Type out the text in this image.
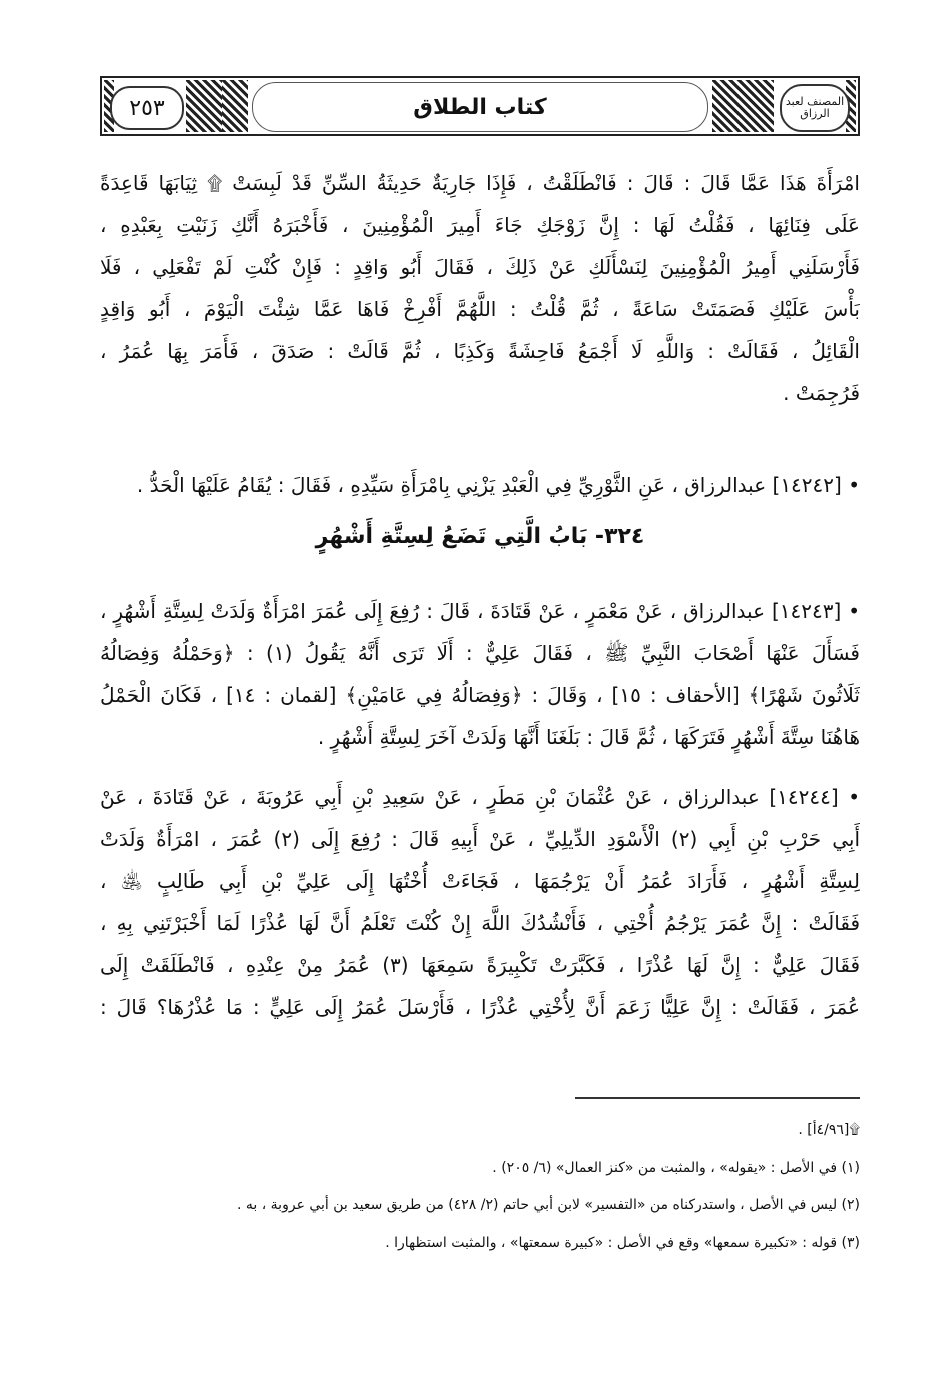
٢٥٣	كتاب الطلاق	المصنف لعبد الرزاق
امْرَأَةَ هَذَا عَمَّا قَالَ : قَالَ : فَانْطَلَقْتُ ، فَإِذَا جَارِيَةٌ حَدِيثَةُ السِّنِّ قَدْ لَبِسَتْ ۩ ثِيَابَهَا قَاعِدَةً
عَلَى فِنَائِهَا ، فَقُلْتُ لَهَا : إِنَّ زَوْجَكِ جَاءَ أَمِيرَ الْمُؤْمِنِينَ ، فَأَخْبَرَهُ أَنَّكِ زَنَيْتِ بِعَبْدِهِ ،
فَأَرْسَلَنِي أَمِيرُ الْمُؤْمِنِينَ لِنَسْأَلَكِ عَنْ ذَلِكَ ، فَقَالَ أَبُو وَاقِدٍ : فَإِنْ كُنْتِ لَمْ تَفْعَلِي ، فَلَا
بَأْسَ عَلَيْكِ فَصَمَتَتْ سَاعَةً ، ثُمَّ قُلْتُ : اللَّهُمَّ أَفْرِخْ فَاهَا عَمَّا شِئْتَ الْيَوْمَ ، أَبُو وَاقِدٍ
الْقَائِلُ ، فَقَالَتْ : وَاللَّهِ لَا أَجْمَعُ فَاحِشَةً وَكَذِبًا ، ثُمَّ قَالَتْ : صَدَقَ ، فَأَمَرَ بِهَا عُمَرُ ،
فَرُجِمَتْ .
• [١٤٢٤٢] عبدالرزاق ، عَنِ الثَّوْرِيِّ فِي الْعَبْدِ يَزْنِي بِامْرَأَةِ سَيِّدِهِ ، فَقَالَ : يُقَامُ عَلَيْهَا الْحَدُّ .
٣٢٤- بَابُ الَّتِي تَضَعُ لِسِتَّةِ أَشْهُرٍ
• [١٤٢٤٣] عبدالرزاق ، عَنْ مَعْمَرٍ ، عَنْ قَتَادَةَ ، قَالَ : رُفِعَ إِلَى عُمَرَ امْرَأَةٌ وَلَدَتْ لِسِتَّةِ أَشْهُرٍ ،
فَسَأَلَ عَنْهَا أَصْحَابَ النَّبِيِّ ﷺ ، فَقَالَ عَلِيٌّ : أَلَا تَرَى أَنَّهُ يَقُولُ (١) : ﴿وَحَمْلُهُ وَفِصَالُهُ
ثَلَاثُونَ شَهْرًا﴾ [الأحقاف : ١٥] ، وَقَالَ : ﴿وَفِصَالُهُ فِي عَامَيْنِ﴾ [لقمان : ١٤] ، فَكَانَ الْحَمْلُ
هَاهُنَا سِتَّةَ أَشْهُرٍ فَتَرَكَهَا ، ثُمَّ قَالَ : بَلَغَنَا أَنَّهَا وَلَدَتْ آخَرَ لِسِتَّةِ أَشْهُرٍ .
• [١٤٢٤٤] عبدالرزاق ، عَنْ عُثْمَانَ بْنِ مَطَرٍ ، عَنْ سَعِيدِ بْنِ أَبِي عَرُوبَةَ ، عَنْ قَتَادَةَ ، عَنْ
أَبِي حَرْبِ بْنِ أَبِي (٢) الْأَسْوَدِ الدِّيلِيِّ ، عَنْ أَبِيهِ قَالَ : رُفِعَ إِلَى (٢) عُمَرَ ، امْرَأَةٌ وَلَدَتْ
لِسِتَّةِ أَشْهُرٍ ، فَأَرَادَ عُمَرُ أَنْ يَرْجُمَهَا ، فَجَاءَتْ أُخْتُهَا إِلَى عَلِيِّ بْنِ أَبِي طَالِبٍ ﵁ ،
فَقَالَتْ : إِنَّ عُمَرَ يَرْجُمُ أُخْتِي ، فَأَنْشُدُكَ اللَّهَ إِنْ كُنْتَ تَعْلَمُ أَنَّ لَهَا عُذْرًا لَمَا أَخْبَرْتَنِي بِهِ ،
فَقَالَ عَلِيٌّ : إِنَّ لَهَا عُذْرًا ، فَكَبَّرَتْ تَكْبِيرَةً سَمِعَهَا (٣) عُمَرُ مِنْ عِنْدِهِ ، فَانْطَلَقَتْ إِلَى
عُمَرَ ، فَقَالَتْ : إِنَّ عَلِيًّا زَعَمَ أَنَّ لِأُخْتِي عُذْرًا ، فَأَرْسَلَ عُمَرُ إِلَى عَلِيٍّ : مَا عُذْرُهَا؟ قَالَ :
۩[٤/٩٦أ] .
(١) في الأصل : «يقوله» ، والمثبت من «كنز العمال» (٦/ ٢٠٥) .
(٢) ليس في الأصل ، واستدركناه من «التفسير» لابن أبي حاتم (٢/ ٤٢٨) من طريق سعيد بن أبي عروبة ، به .
(٣) قوله : «تكبيرة سمعها» وقع في الأصل : «كبيرة سمعتها» ، والمثبت استظهارا .
